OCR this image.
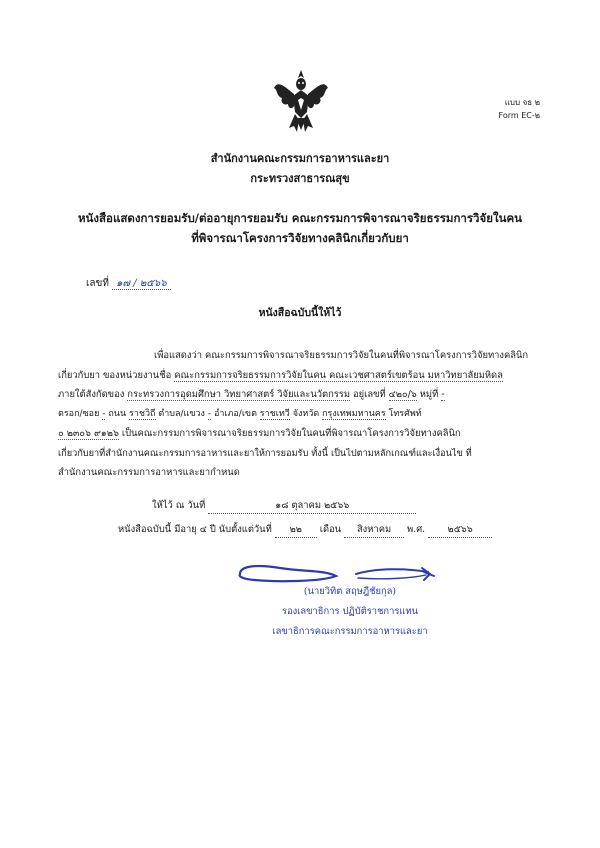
แบบ จธ ๒
Form EC-๒
สำนักงานคณะกรรมการอาหารและยา
กระทรวงสาธารณสุข
หนังสือแสดงการยอมรับ/ต่ออายุการยอมรับ คณะกรรมการพิจารณาจริยธรรมการวิจัยในคน
ที่พิจารณาโครงการวิจัยทางคลินิกเกี่ยวกับยา
เลขที่ ๑๗ / ๒๕๖๖
หนังสือฉบับนี้ให้ไว้
เพื่อแสดงว่า คณะกรรมการพิจารณาจริยธรรมการวิจัยในคนที่พิจารณาโครงการวิจัยทางคลินิก
เกี่ยวกับยา ของหน่วยงานชื่อ คณะกรรมการจริยธรรมการวิจัยในคน คณะเวชศาสตร์เขตร้อน มหาวิทยาลัยมหิดล
ภายใต้สังกัดของ กระทรวงการอุดมศึกษา วิทยาศาสตร์ วิจัยและนวัตกรรม อยู่เลขที่ ๔๒๐/๖ หมู่ที่ -
ตรอก/ซอย - ถนน ราชวิถี ตำบล/แขวง - อำเภอ/เขต ราชเทวี จังหวัด กรุงเทพมหานคร โทรศัพท์
๐ ๒๓๐๖ ๙๑๒๖ เป็นคณะกรรมการพิจารณาจริยธรรมการวิจัยในคนที่พิจารณาโครงการวิจัยทางคลินิก
เกี่ยวกับยาที่สำนักงานคณะกรรมการอาหารและยาให้การยอมรับ ทั้งนี้ เป็นไปตามหลักเกณฑ์และเงื่อนไข ที่
สำนักงานคณะกรรมการอาหารและยากำหนด
ให้ไว้ ณ วันที่	๑๘ ตุลาคม ๒๕๖๖
หนังสือฉบับนี้ มีอายุ ๔ ปี นับตั้งแต่วันที่ ๒๒ เดือน สิงหาคม พ.ศ. ๒๕๖๖
(นายวิทิต สฤษฎีชัยกุล)
รองเลขาธิการ ปฏิบัติราชการแทน
เลขาธิการคณะกรรมการอาหารและยา
